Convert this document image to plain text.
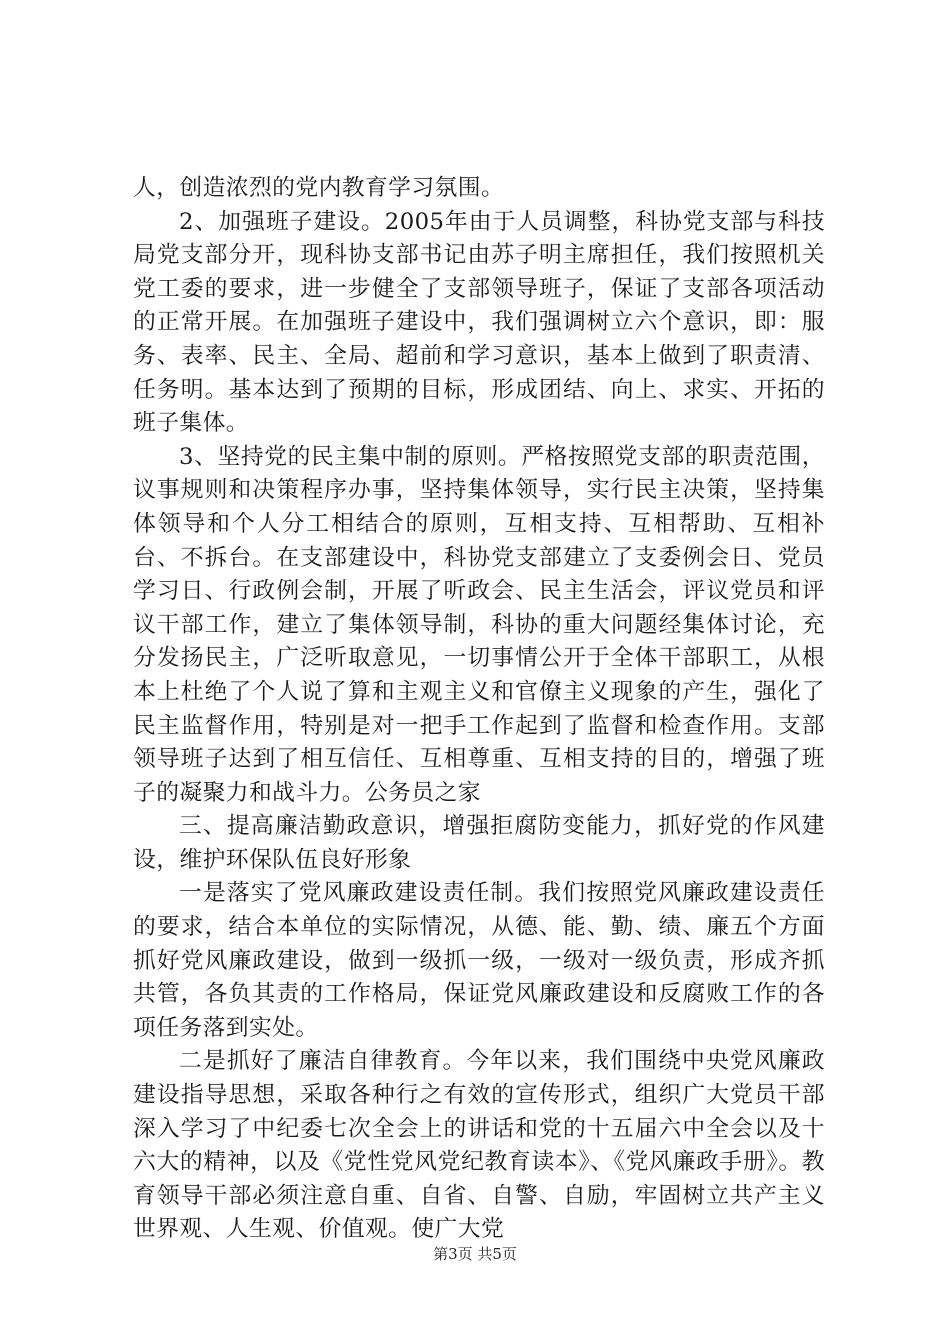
人，创造浓烈的党内教育学习氛围。

2、加强班子建设。2005年由于人员调整，科协党支部与科技局党支部分开，现科协支部书记由苏子明主席担任，我们按照机关党工委的要求，进一步健全了支部领导班子，保证了支部各项活动的正常开展。在加强班子建设中，我们强调树立六个意识，即：服务、表率、民主、全局、超前和学习意识，基本上做到了职责清、任务明。基本达到了预期的目标，形成团结、向上、求实、开拓的班子集体。

3、坚持党的民主集中制的原则。严格按照党支部的职责范围，议事规则和决策程序办事，坚持集体领导，实行民主决策，坚持集体领导和个人分工相结合的原则，互相支持、互相帮助、互相补台、不拆台。在支部建设中，科协党支部建立了支委例会日、党员学习日、行政例会制，开展了听政会、民主生活会，评议党员和评议干部工作，建立了集体领导制，科协的重大问题经集体讨论，充分发扬民主，广泛听取意见，一切事情公开于全体干部职工，从根本上杜绝了个人说了算和主观主义和官僚主义现象的产生，强化了民主监督作用，特别是对一把手工作起到了监督和检查作用。支部领导班子达到了相互信任、互相尊重、互相支持的目的，增强了班子的凝聚力和战斗力。公务员之家

三、提高廉洁勤政意识，增强拒腐防变能力，抓好党的作风建设，维护环保队伍良好形象

一是落实了党风廉政建设责任制。我们按照党风廉政建设责任的要求，结合本单位的实际情况，从德、能、勤、绩、廉五个方面抓好党风廉政建设，做到一级抓一级，一级对一级负责，形成齐抓共管，各负其责的工作格局，保证党风廉政建设和反腐败工作的各项任务落到实处。

二是抓好了廉洁自律教育。今年以来，我们围绕中央党风廉政建设指导思想，采取各种行之有效的宣传形式，组织广大党员干部深入学习了中纪委七次全会上的讲话和党的十五届六中全会以及十六大的精神，以及《党性党风党纪教育读本》、《党风廉政手册》。教育领导干部必须注意自重、自省、自警、自励，牢固树立共产主义世界观、人生观、价值观。使广大党

第3页 共5页
